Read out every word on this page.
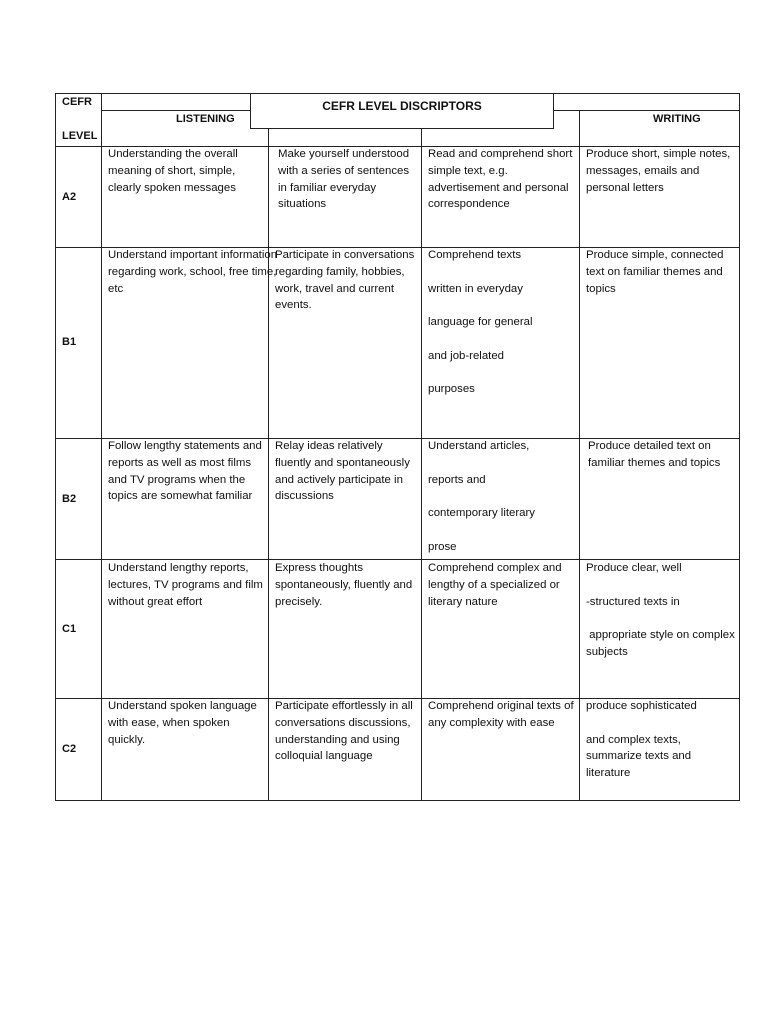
CEFR LEVEL DISCRIPTORS
CEFR
LEVEL
LISTENING	WRITING
A2
Understanding the overall
meaning of short, simple,
clearly spoken messages
Make yourself understood
with a series of sentences
in familiar everyday
situations
Read and comprehend short
simple text, e.g.
advertisement and personal
correspondence
Produce short, simple notes,
messages, emails and
personal letters
B1
Understand important information
regarding work, school, free time,
etc
Participate in conversations
regarding family, hobbies,
work, travel and current
events.
Comprehend texts

written in everyday

language for general

and job-related

purposes
Produce simple, connected
text on familiar themes and
topics
B2
Follow lengthy statements and
reports as well as most films
and TV programs when the
topics are somewhat familiar
Relay ideas relatively
fluently and spontaneously
and actively participate in
discussions
Understand articles,

reports and

contemporary literary

prose
Produce detailed text on
familiar themes and topics
C1
Understand lengthy reports,
lectures, TV programs and film
without great effort
Express thoughts
spontaneously, fluently and
precisely.
Comprehend complex and
lengthy of a specialized or
literary nature
Produce clear, well

-structured texts in

appropriate style on complex
subjects
C2
Understand spoken language
with ease, when spoken
quickly.
Participate effortlessly in all
conversations discussions,
understanding and using
colloquial language
Comprehend original texts of
any complexity with ease
produce sophisticated

and complex texts,
summarize texts and
literature
